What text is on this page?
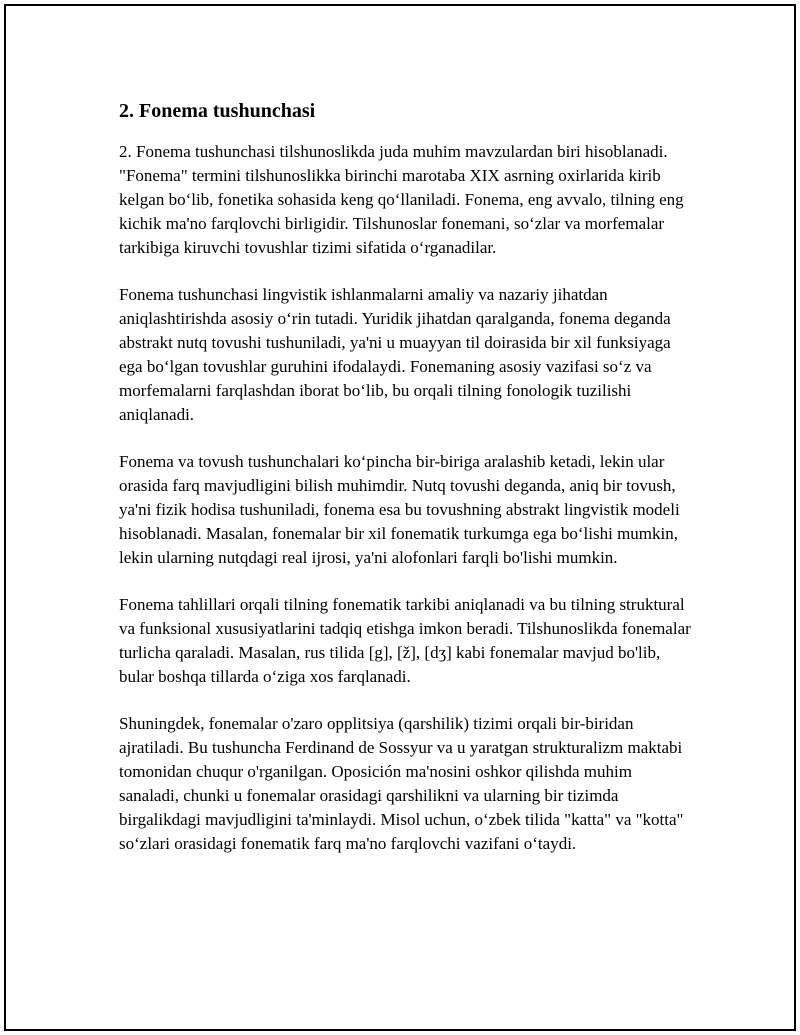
2. Fonema tushunchasi

2. Fonema tushunchasi tilshunoslikda juda muhim mavzulardan biri hisoblanadi. "Fonema" termini tilshunoslikka birinchi marotaba XIX asrning oxirlarida kirib kelgan bo‘lib, fonetika sohasida keng qo‘llaniladi. Fonema, eng avvalo, tilning eng kichik ma'no farqlovchi birligidir. Tilshunoslar fonemani, so‘zlar va morfemalar tarkibiga kiruvchi tovushlar tizimi sifatida o‘rganadilar.

Fonema tushunchasi lingvistik ishlanmalarni amaliy va nazariy jihatdan aniqlashtirishda asosiy o‘rin tutadi. Yuridik jihatdan qaralganda, fonema deganda abstrakt nutq tovushi tushuniladi, ya'ni u muayyan til doirasida bir xil funksiyaga ega bo‘lgan tovushlar guruhini ifodalaydi. Fonemaning asosiy vazifasi so‘z va morfemalarni farqlashdan iborat bo‘lib, bu orqali tilning fonologik tuzilishi aniqlanadi.

Fonema va tovush tushunchalari ko‘pincha bir-biriga aralashib ketadi, lekin ular orasida farq mavjudligini bilish muhimdir. Nutq tovushi deganda, aniq bir tovush, ya'ni fizik hodisa tushuniladi, fonema esa bu tovushning abstrakt lingvistik modeli hisoblanadi. Masalan, fonemalar bir xil fonematik turkumga ega bo‘lishi mumkin, lekin ularning nutqdagi real ijrosi, ya'ni alofonlari farqli bo'lishi mumkin.

Fonema tahlillari orqali tilning fonematik tarkibi aniqlanadi va bu tilning struktural va funksional xususiyatlarini tadqiq etishga imkon beradi. Tilshunoslikda fonemalar turlicha qaraladi. Masalan, rus tilida [g], [ž], [dʒ] kabi fonemalar mavjud bo'lib, bular boshqa tillarda o‘ziga xos farqlanadi.

Shuningdek, fonemalar o'zaro opplitsiya (qarshilik) tizimi orqali bir-biridan ajratiladi. Bu tushuncha Ferdinand de Sossyur va u yaratgan strukturalizm maktabi tomonidan chuqur o'rganilgan. Oposición ma'nosini oshkor qilishda muhim sanaladi, chunki u fonemalar orasidagi qarshilikni va ularning bir tizimda birgalikdagi mavjudligini ta'minlaydi. Misol uchun, o‘zbek tilida "katta" va "kotta" so‘zlari orasidagi fonematik farq ma'no farqlovchi vazifani o‘taydi.
